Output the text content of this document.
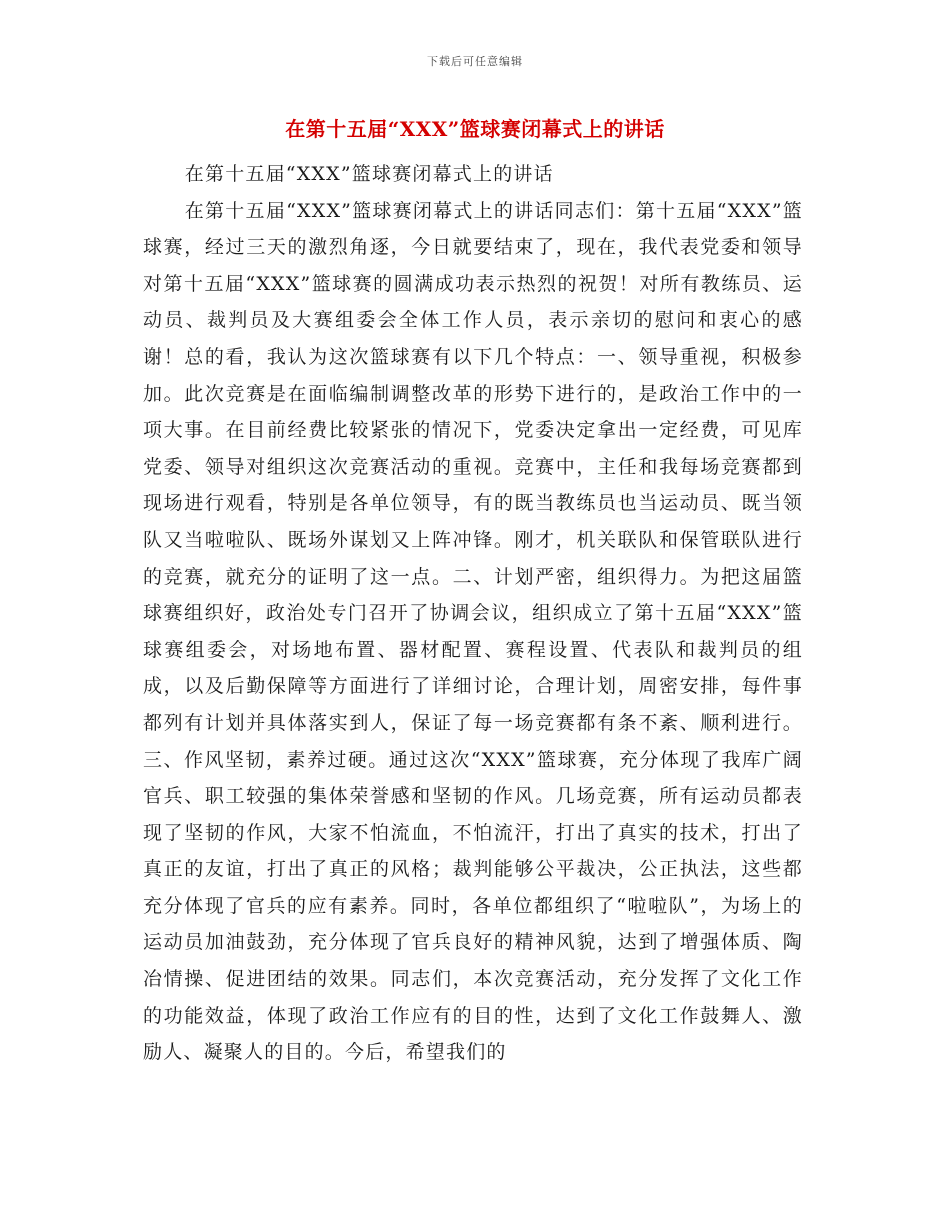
下载后可任意编辑
在第十五届“XXX”篮球赛闭幕式上的讲话

在第十五届“XXX”篮球赛闭幕式上的讲话

在第十五届“XXX”篮球赛闭幕式上的讲话同志们：第十五届“XXX”篮球赛，经过三天的激烈角逐，今日就要结束了，现在，我代表党委和领导对第十五届“XXX”篮球赛的圆满成功表示热烈的祝贺！对所有教练员、运动员、裁判员及大赛组委会全体工作人员，表示亲切的慰问和衷心的感谢！总的看，我认为这次篮球赛有以下几个特点：一、领导重视，积极参加。此次竞赛是在面临编制调整改革的形势下进行的，是政治工作中的一项大事。在目前经费比较紧张的情况下，党委决定拿出一定经费，可见库党委、领导对组织这次竞赛活动的重视。竞赛中，主任和我每场竞赛都到现场进行观看，特别是各单位领导，有的既当教练员也当运动员、既当领队又当啦啦队、既场外谋划又上阵冲锋。刚才，机关联队和保管联队进行的竞赛，就充分的证明了这一点。二、计划严密，组织得力。为把这届篮球赛组织好，政治处专门召开了协调会议，组织成立了第十五届“XXX”篮球赛组委会，对场地布置、器材配置、赛程设置、代表队和裁判员的组成，以及后勤保障等方面进行了详细讨论，合理计划，周密安排，每件事都列有计划并具体落实到人，保证了每一场竞赛都有条不紊、顺利进行。三、作风坚韧，素养过硬。通过这次“XXX”篮球赛，充分体现了我库广阔官兵、职工较强的集体荣誉感和坚韧的作风。几场竞赛，所有运动员都表现了坚韧的作风，大家不怕流血，不怕流汗，打出了真实的技术，打出了真正的友谊，打出了真正的风格；裁判能够公平裁决，公正执法，这些都充分体现了官兵的应有素养。同时，各单位都组织了“啦啦队”，为场上的运动员加油鼓劲，充分体现了官兵良好的精神风貌，达到了增强体质、陶冶情操、促进团结的效果。同志们，本次竞赛活动，充分发挥了文化工作的功能效益，体现了政治工作应有的目的性，达到了文化工作鼓舞人、激励人、凝聚人的目的。今后，希望我们的
